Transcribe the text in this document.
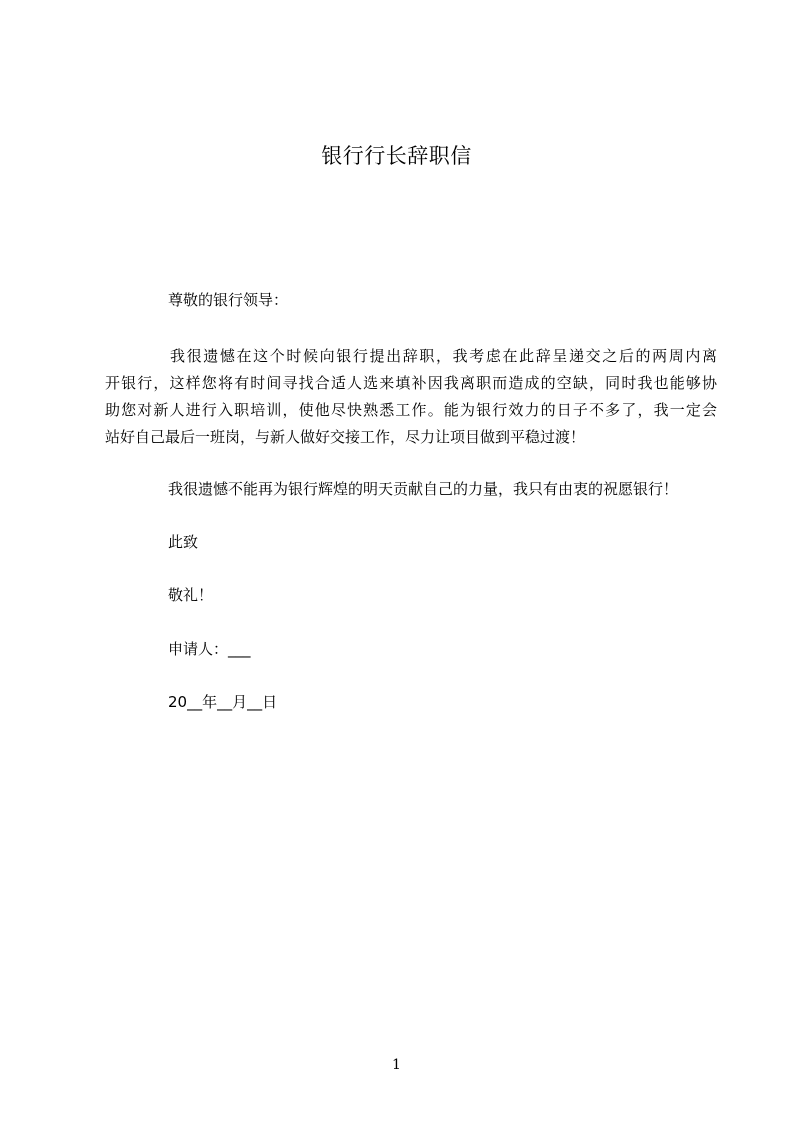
银行行长辞职信
尊敬的银行领导：
我很遗憾在这个时候向银行提出辞职，我考虑在此辞呈递交之后的两周内离
开银行，这样您将有时间寻找合适人选来填补因我离职而造成的空缺，同时我也能够协
助您对新人进行入职培训，使他尽快熟悉工作。能为银行效力的日子不多了，我一定会
站好自己最后一班岗，与新人做好交接工作，尽力让项目做到平稳过渡！
我很遗憾不能再为银行辉煌的明天贡献自己的力量，我只有由衷的祝愿银行！
此致
敬礼！
申请人：___
20__年__月__日
1
